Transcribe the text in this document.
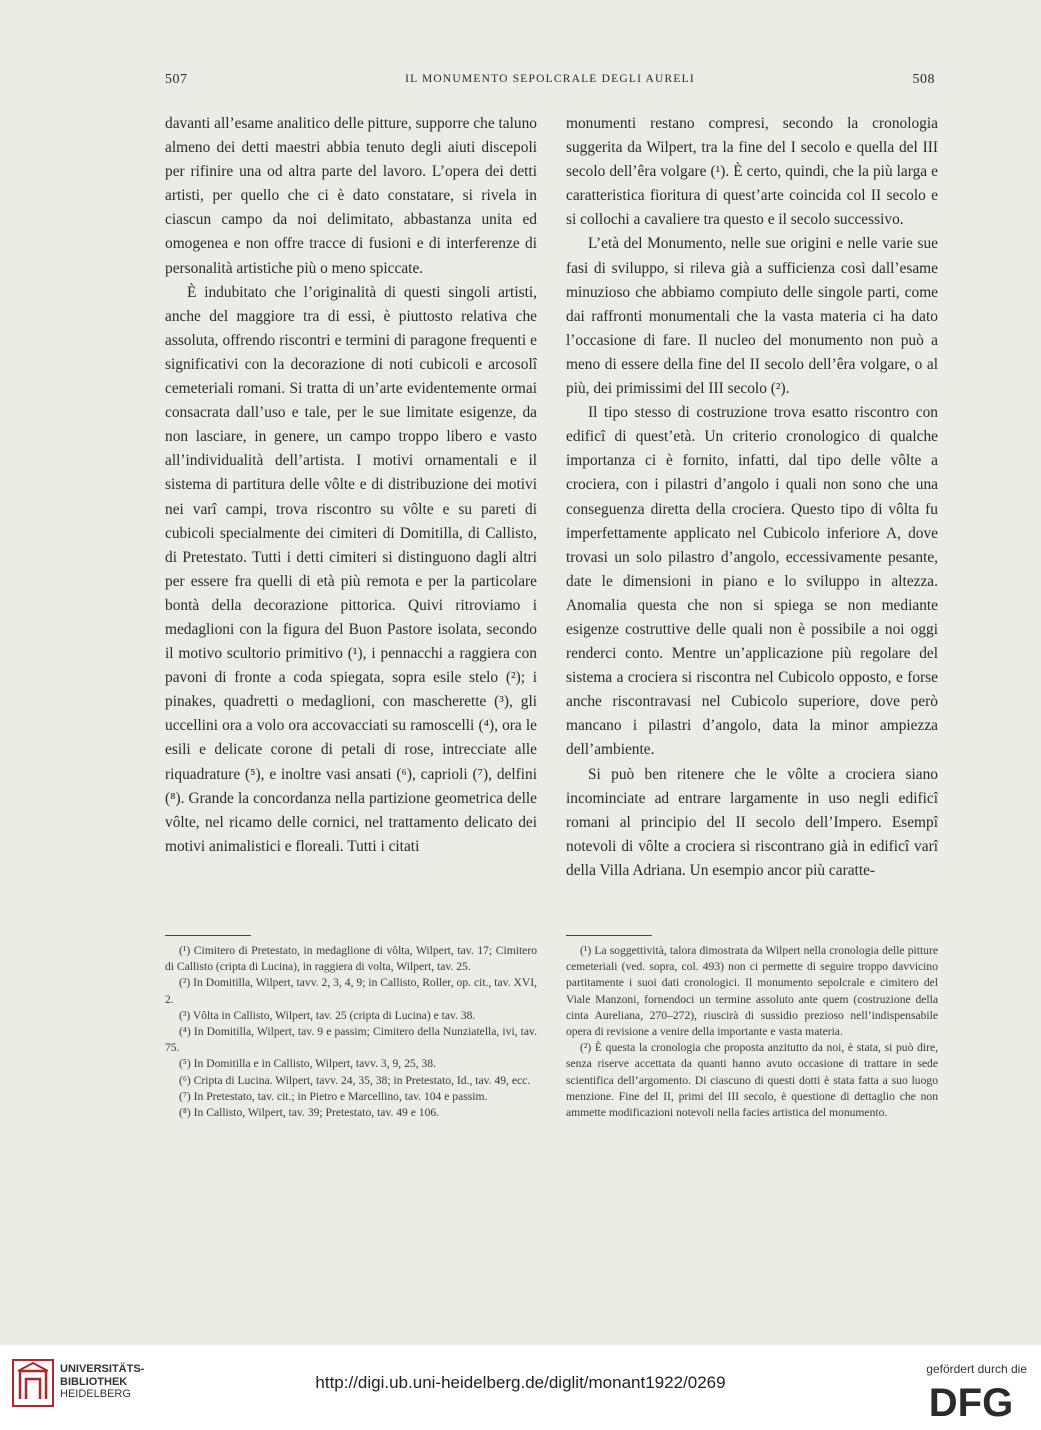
507	IL MONUMENTO SEPOLCRALE DEGLI AURELI	508

davanti all’esame analitico delle pitture, supporre che taluno almeno dei detti maestri abbia tenuto degli aiuti discepoli per rifinire una od altra parte del lavoro. L’opera dei detti artisti, per quello che ci è dato constatare, si rivela in ciascun campo da noi delimitato, abbastanza unita ed omogenea e non offre tracce di fusioni e di interferenze di personalità artistiche più o meno spiccate.

È indubitato che l’originalità di questi singoli artisti, anche del maggiore tra di essi, è piuttosto relativa che assoluta, offrendo riscontri e termini di paragone frequenti e significativi con la decorazione di noti cubicoli e arcosolî cemeteriali romani. Si tratta di un’arte evidentemente ormai consacrata dall’uso e tale, per le sue limitate esigenze, da non lasciare, in genere, un campo troppo libero e vasto all’individualità dell’artista. I motivi ornamentali e il sistema di partitura delle vôlte e di distribuzione dei motivi nei varî campi, trova riscontro su vôlte e su pareti di cubicoli specialmente dei cimiteri di Domitilla, di Callisto, di Pretestato. Tutti i detti cimiteri si distinguono dagli altri per essere fra quelli di età più remota e per la particolare bontà della decorazione pittorica. Quivi ritroviamo i medaglioni con la figura del Buon Pastore isolata, secondo il motivo scultorio primitivo (¹), i pennacchi a raggiera con pavoni di fronte a coda spiegata, sopra esile stelo (²); i pinakes, quadretti o medaglioni, con mascherette (³), gli uccellini ora a volo ora accovacciati su ramoscelli (⁴), ora le esili e delicate corone di petali di rose, intrecciate alle riquadrature (⁵), e inoltre vasi ansati (⁶), caprioli (⁷), delfini (⁸). Grande la concordanza nella partizione geometrica delle vôlte, nel ricamo delle cornici, nel trattamento delicato dei motivi animalistici e floreali. Tutti i citati

monumenti restano compresi, secondo la cronologia suggerita da Wilpert, tra la fine del I secolo e quella del III secolo dell’êra volgare (¹). È certo, quindi, che la più larga e caratteristica fioritura di quest’arte coincida col II secolo e si collochi a cavaliere tra questo e il secolo successivo.

L’età del Monumento, nelle sue origini e nelle varie sue fasi di sviluppo, si rileva già a sufficienza così dall’esame minuzioso che abbiamo compiuto delle singole parti, come dai raffronti monumentali che la vasta materia ci ha dato l’occasione di fare. Il nucleo del monumento non può a meno di essere della fine del II secolo dell’êra volgare, o al più, dei primissimi del III secolo (²).

Il tipo stesso di costruzione trova esatto riscontro con edificî di quest’età. Un criterio cronologico di qualche importanza ci è fornito, infatti, dal tipo delle vôlte a crociera, con i pilastri d’angolo i quali non sono che una conseguenza diretta della crociera. Questo tipo di vôlta fu imperfettamente applicato nel Cubicolo inferiore A, dove trovasi un solo pilastro d’angolo, eccessivamente pesante, date le dimensioni in piano e lo sviluppo in altezza. Anomalia questa che non si spiega se non mediante esigenze costruttive delle quali non è possibile a noi oggi renderci conto. Mentre un’applicazione più regolare del sistema a crociera si riscontra nel Cubicolo opposto, e forse anche riscontravasi nel Cubicolo superiore, dove però mancano i pilastri d’angolo, data la minor ampiezza dell’ambiente.

Si può ben ritenere che le vôlte a crociera siano incominciate ad entrare largamente in uso negli edificî romani al principio del II secolo dell’Impero. Esempî notevoli di vôlte a crociera si riscontrano già in edificî varî della Villa Adriana. Un esempio ancor più caratte-

(¹) Cimitero di Pretestato, in medaglione di vôlta, Wilpert, tav. 17; Cimitero di Callisto (cripta di Lucina), in raggiera di volta, Wilpert, tav. 25.

(²) In Domitilla, Wilpert, tavv. 2, 3, 4, 9; in Callisto, Roller, op. cit., tav. XVI, 2.

(³) Vôlta in Callisto, Wilpert, tav. 25 (cripta di Lucina) e tav. 38.

(⁴) In Domitilla, Wilpert, tav. 9 e passim; Cimitero della Nunziatella, ivi, tav. 75.

(⁵) In Domitilla e in Callisto, Wilpert, tavv. 3, 9, 25, 38.

(⁶) Cripta di Lucina. Wilpert, tavv. 24, 35, 38; in Pretestato, Id., tav. 49, ecc.

(⁷) In Pretestato, tav. cit.; in Pietro e Marcellino, tav. 104 e passim.

(⁸) In Callisto, Wilpert, tav. 39; Pretestato, tav. 49 e 106.

(¹) La soggettività, talora dimostrata da Wilpert nella cronologia delle pitture cemeteriali (ved. sopra, col. 493) non ci permette di seguire troppo davvicino partitamente i suoi dati cronologici. Il monumento sepolcrale e cimitero del Viale Manzoni, fornendoci un termine assoluto ante quem (costruzione della cinta Aureliana, 270–272), riuscirà di sussidio prezioso nell’indispensabile opera di revisione a venire della importante e vasta materia.

(²) È questa la cronologia che proposta anzitutto da noi, è stata, si può dire, senza riserve accettata da quanti hanno avuto occasione di trattare in sede scientifica dell’argomento. Di ciascuno di questi dotti è stata fatta a suo luogo menzione. Fine del II, primi del III secolo, è questione di dettaglio che non ammette modificazioni notevoli nella facies artistica del monumento.

UNIVERSITÄTS-
BIBLIOTHEK
HEIDELBERG
http://digi.ub.uni-heidelberg.de/diglit/monant1922/0269
gefördert durch die
DFG
